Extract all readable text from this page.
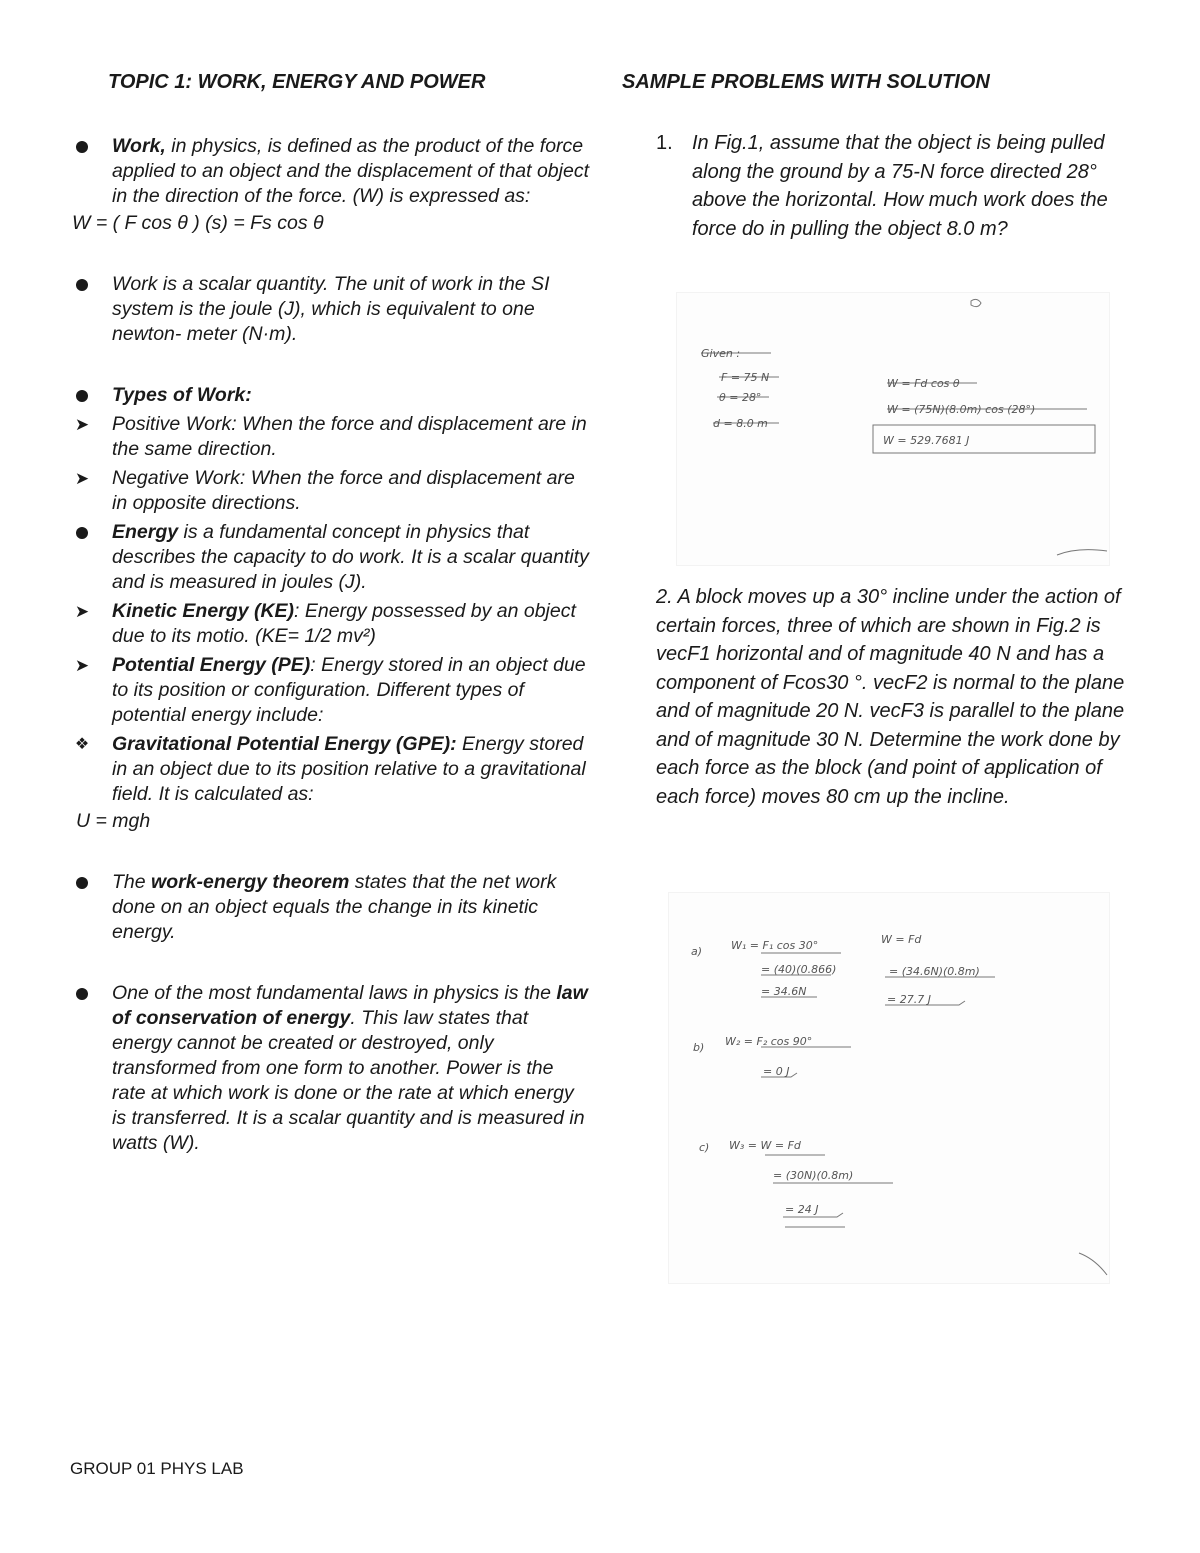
TOPIC 1: WORK, ENERGY AND POWER	SAMPLE PROBLEMS WITH SOLUTION
Work, in physics, is defined as the product of the force applied to an object and the displacement of that object in the direction of the force. (W) is expressed as:
W = ( F cos θ ) (s) = Fs cos θ
Work is a scalar quantity. The unit of work in the SI system is the joule (J), which is equivalent to one newton- meter (N·m).
Types of Work:
➤ Positive Work: When the force and displacement are in the same direction.
➤ Negative Work: When the force and displacement are in opposite directions.
Energy is a fundamental concept in physics that describes the capacity to do work. It is a scalar quantity and is measured in joules (J).
➤ Kinetic Energy (KE): Energy possessed by an object due to its motio. (KE= 1/2 mv²)
➤ Potential Energy (PE): Energy stored in an object due to its position or configuration. Different types of potential energy include:
❖ Gravitational Potential Energy (GPE): Energy stored in an object due to its position relative to a gravitational field. It is calculated as:
U = mgh
The work-energy theorem states that the net work done on an object equals the change in its kinetic energy.
One of the most fundamental laws in physics is the law of conservation of energy. This law states that energy cannot be created or destroyed, only transformed from one form to another. Power is the rate at which work is done or the rate at which energy is transferred. It is a scalar quantity and is measured in watts (W).
1. In Fig.1, assume that the object is being pulled along the ground by a 75-N force directed 28° above the horizontal. How much work does the force do in pulling the object 8.0 m?
Given :
F = 75 N
θ = 28°
d = 8.0 m
W = Fd cos θ
W = (75N)(8.0m) cos (28°)
W = 529.7681 J
2. A block moves up a 30° incline under the action of certain forces, three of which are shown in Fig.2 is vecF1 horizontal and of magnitude 40 N and has a component of Fcos30 °. vecF2 is normal to the plane and of magnitude 20 N. vecF3 is parallel to the plane and of magnitude 30 N. Determine the work done by each force as the block (and point of application of each force) moves 80 cm up the incline.
a)	W₁ = F₁ cos 30°
= (40)(0.866)
= 34.6N
W = Fd
= (34.6N)(0.8m)
= 27.7 J
b) W₂ = F₂ cos 90°
= 0 J
c) W₃ = W = Fd
= (30N)(0.8m)
= 24 J

GROUP 01 PHYS LAB
